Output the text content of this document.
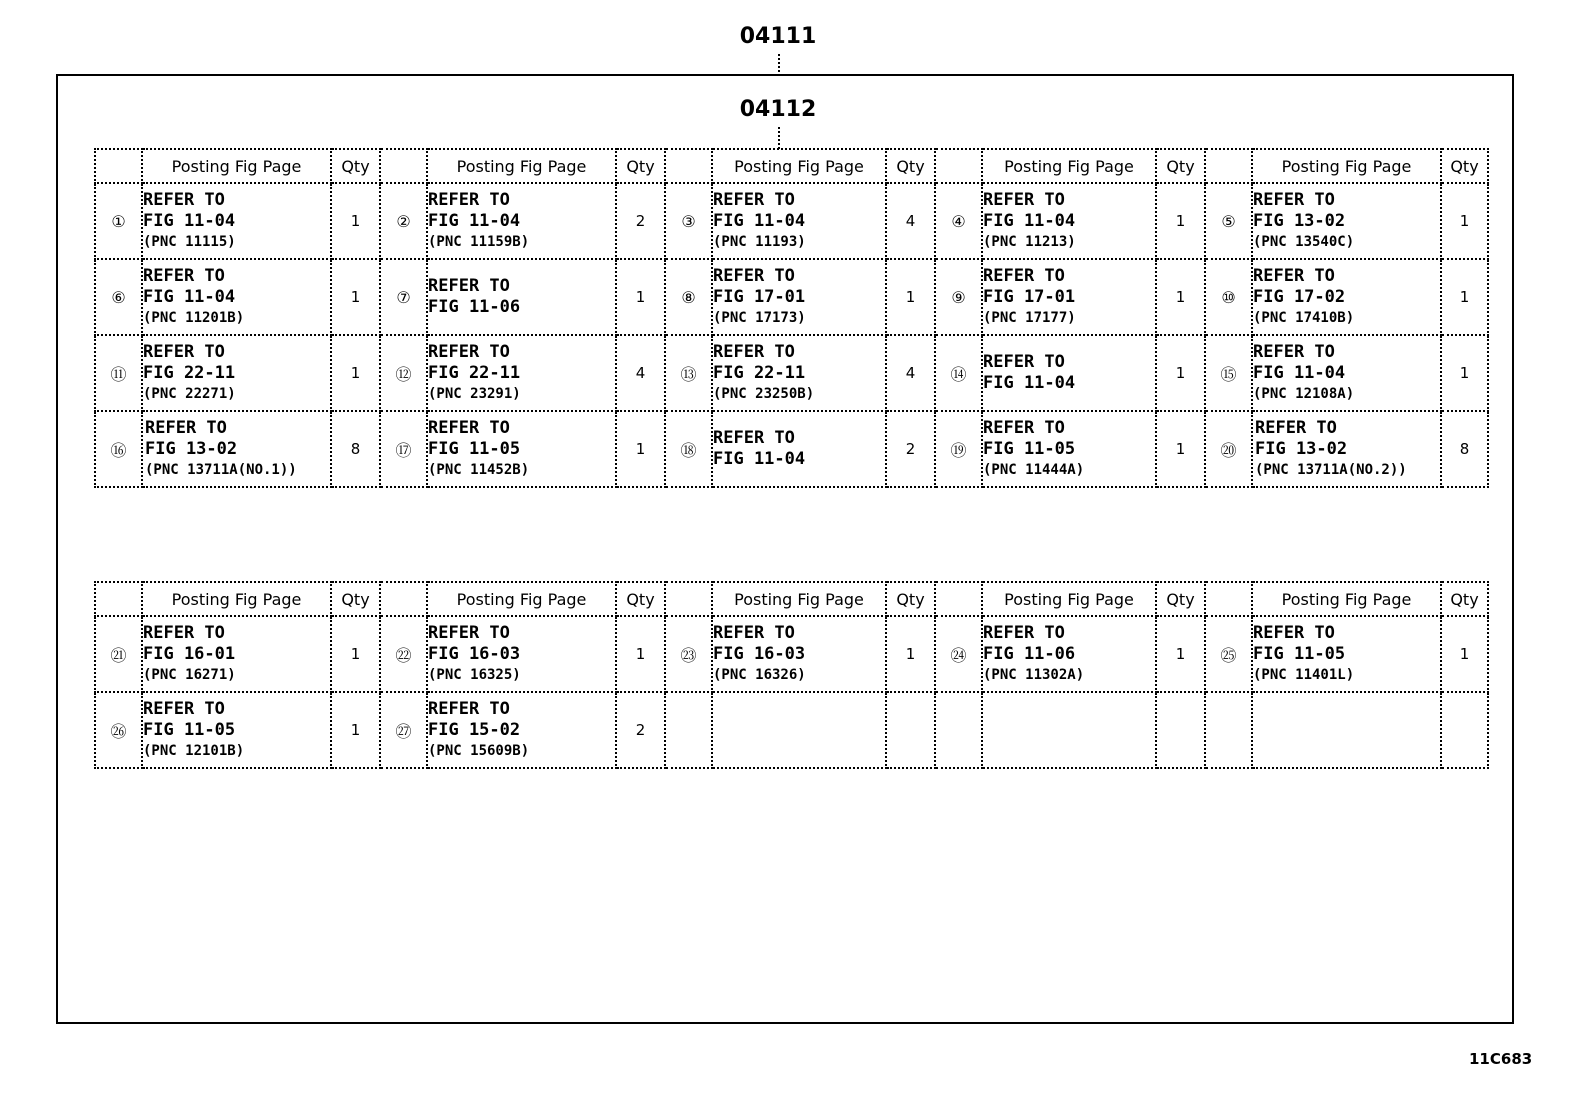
04111
04112
	Posting Fig Page	Qty		Posting Fig Page	Qty		Posting Fig Page	Qty		Posting Fig Page	Qty		Posting Fig Page	Qty
①	REFER TO
FIG 11-04
(PNC 11115)	1	②	REFER TO
FIG 11-04
(PNC 11159B)	2	③	REFER TO
FIG 11-04
(PNC 11193)	4	④	REFER TO
FIG 11-04
(PNC 11213)	1	⑤	REFER TO
FIG 13-02
(PNC 13540C)	1
⑥	REFER TO
FIG 11-04
(PNC 11201B)	1	⑦	REFER TO
FIG 11-06	1	⑧	REFER TO
FIG 17-01
(PNC 17173)	1	⑨	REFER TO
FIG 17-01
(PNC 17177)	1	⑩	REFER TO
FIG 17-02
(PNC 17410B)	1
⑪	REFER TO
FIG 22-11
(PNC 22271)	1	⑫	REFER TO
FIG 22-11
(PNC 23291)	4	⑬	REFER TO
FIG 22-11
(PNC 23250B)	4	⑭	REFER TO
FIG 11-04	1	⑮	REFER TO
FIG 11-04
(PNC 12108A)	1
⑯	REFER TO
FIG 13-02
(PNC 13711A(NO.1))	8	⑰	REFER TO
FIG 11-05
(PNC 11452B)	1	⑱	REFER TO
FIG 11-04	2	⑲	REFER TO
FIG 11-05
(PNC 11444A)	1	⑳	REFER TO
FIG 13-02
(PNC 13711A(NO.2))	8
	Posting Fig Page	Qty		Posting Fig Page	Qty		Posting Fig Page	Qty		Posting Fig Page	Qty		Posting Fig Page	Qty
㉑	REFER TO
FIG 16-01
(PNC 16271)	1	㉒	REFER TO
FIG 16-03
(PNC 16325)	1	㉓	REFER TO
FIG 16-03
(PNC 16326)	1	㉔	REFER TO
FIG 11-06
(PNC 11302A)	1	㉕	REFER TO
FIG 11-05
(PNC 11401L)	1
㉖	REFER TO
FIG 11-05
(PNC 12101B)	1	㉗	REFER TO
FIG 15-02
(PNC 15609B)	2									
11C683
